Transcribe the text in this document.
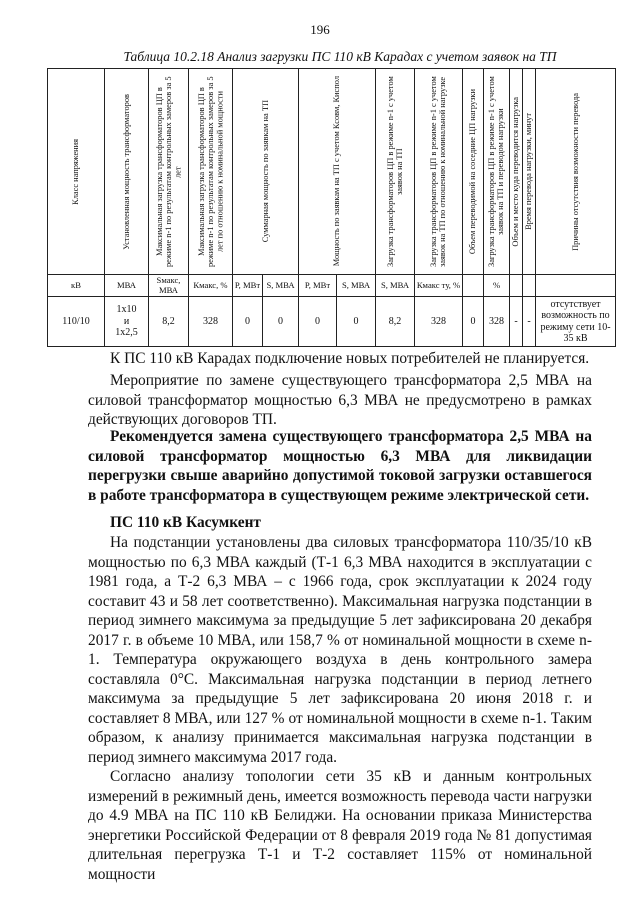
196
Таблица 10.2.18 Анализ загрузки ПС 110 кВ Карадах с учетом заявок на ТП
Класс напряжения	Установленная мощность трансформаторов	Максимальная загрузка трансформаторов ЦП в режиме n-1 по результатам контрольных замеров за 5 лет	Максимальная загрузка трансформаторов ЦП в режиме n-1 по результатам контрольных замеров за 5 лет по отношению к номинальной мощности	Суммарная мощность по заявкам на ТП		Мощность по заявкам на ТП с учетом Ксовм, Киспол		Загрузка трансформаторов ЦП в режиме n-1 с учетом заявок на ТП	Загрузка трансформаторов ЦП в режиме n-1 с учетом заявок на ТП по отношению к номинальной нагрузке	Объем переводимой на соседние ЦП нагрузки	Загрузка трансформаторов ЦП в режиме n-1 с учетом заявок на ТП и переводом нагрузки	Объем и место куда переводится нагрузка	Время перевода нагрузки, минут	Причины отсутствия возможности перевода

кВ	МВА	Sмакс, МВА	Кмакс, %	P, МВт	S, МВА	P, МВт	S, МВА	S, МВА	Кмакс ту, %		%			
110/10	1х10
и
1х2,5	8,2	328	0	0	0	0	8,2	328	0	328	-	-	отсутствует возможность по режиму сети 10-35 кВ
К ПС 110 кВ Карадах подключение новых потребителей не планируется.
Мероприятие по замене существующего трансформатора 2,5 МВА на силовой трансформатор мощностью 6,3 МВА не предусмотрено в рамках действующих договоров ТП.
Рекомендуется замена существующего трансформатора 2,5 МВА на силовой трансформатор мощностью 6,3 МВА для ликвидации перегрузки свыше аварийно допустимой токовой загрузки оставшегося в работе трансформатора в существующем режиме электрической сети.
ПС 110 кВ Касумкент
На подстанции установлены два силовых трансформатора 110/35/10 кВ мощностью по 6,3 МВА каждый (Т-1 6,3 МВА находится в эксплуатации с 1981 года, а Т-2 6,3 МВА – с 1966 года, срок эксплуатации к 2024 году составит 43 и 58 лет соответственно). Максимальная нагрузка подстанции в период зимнего максимума за предыдущие 5 лет зафиксирована 20 декабря 2017 г. в объеме 10 МВА, или 158,7 % от номинальной мощности в схеме n-1. Температура окружающего воздуха в день контрольного замера составляла 0°С. Максимальная нагрузка подстанции в период летнего максимума за предыдущие 5 лет зафиксирована 20 июня 2018 г. и составляет 8 МВА, или 127 % от номинальной мощности в схеме n-1. Таким образом, к анализу принимается максимальная нагрузка подстанции в период зимнего максимума 2017 года.
Согласно анализу топологии сети 35 кВ и данным контрольных измерений в режимный день, имеется возможность перевода части нагрузки до 4.9 МВА на ПС 110 кВ Белиджи. На основании приказа Министерства энергетики Российской Федерации от 8 февраля 2019 года № 81 допустимая длительная перегрузка Т-1 и Т-2 составляет 115% от номинальной мощности
